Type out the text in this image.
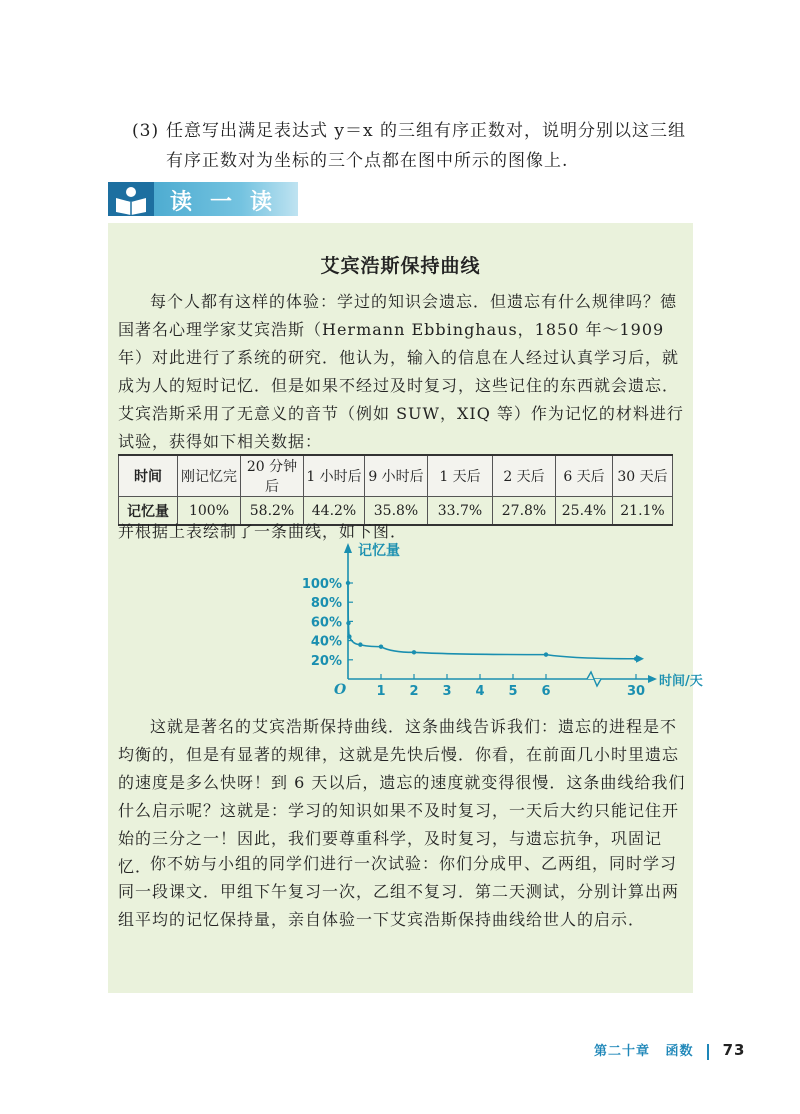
(3) 任意写出满足表达式 y＝x 的三组有序正数对，说明分别以这三组
有序正数对为坐标的三个点都在图中所示的图像上.
读一读
艾宾浩斯保持曲线
每个人都有这样的体验：学过的知识会遗忘．但遗忘有什么规律吗？德国著名心理学家艾宾浩斯（Hermann Ebbinghaus，1850 年～1909 年）对此进行了系统的研究．他认为，输入的信息在人经过认真学习后，就成为人的短时记忆．但是如果不经过及时复习，这些记住的东西就会遗忘．艾宾浩斯采用了无意义的音节（例如 SUW，XIQ 等）作为记忆的材料进行试验，获得如下相关数据：
时间	刚记忆完	20 分钟后	1 小时后	9 小时后	1 天后	2 天后	6 天后	30 天后
记忆量	100%	58.2%	44.2%	35.8%	33.7%	27.8%	25.4%	21.1%
并根据上表绘制了一条曲线，如下图．
记忆量
时间/天
O
20%
40%
60%
80%
100%
1 2 3 4 5 6	30
这就是著名的艾宾浩斯保持曲线．这条曲线告诉我们：遗忘的进程是不均衡的，但是有显著的规律，这就是先快后慢．你看，在前面几小时里遗忘的速度是多么快呀！到 6 天以后，遗忘的速度就变得很慢．这条曲线给我们什么启示呢？这就是：学习的知识如果不及时复习，一天后大约只能记住开始的三分之一！因此，我们要尊重科学，及时复习，与遗忘抗争，巩固记忆．
你不妨与小组的同学们进行一次试验：你们分成甲、乙两组，同时学习同一段课文．甲组下午复习一次，乙组不复习．第二天测试，分别计算出两组平均的记忆保持量，亲自体验一下艾宾浩斯保持曲线给世人的启示．
第二十章 函数 73
